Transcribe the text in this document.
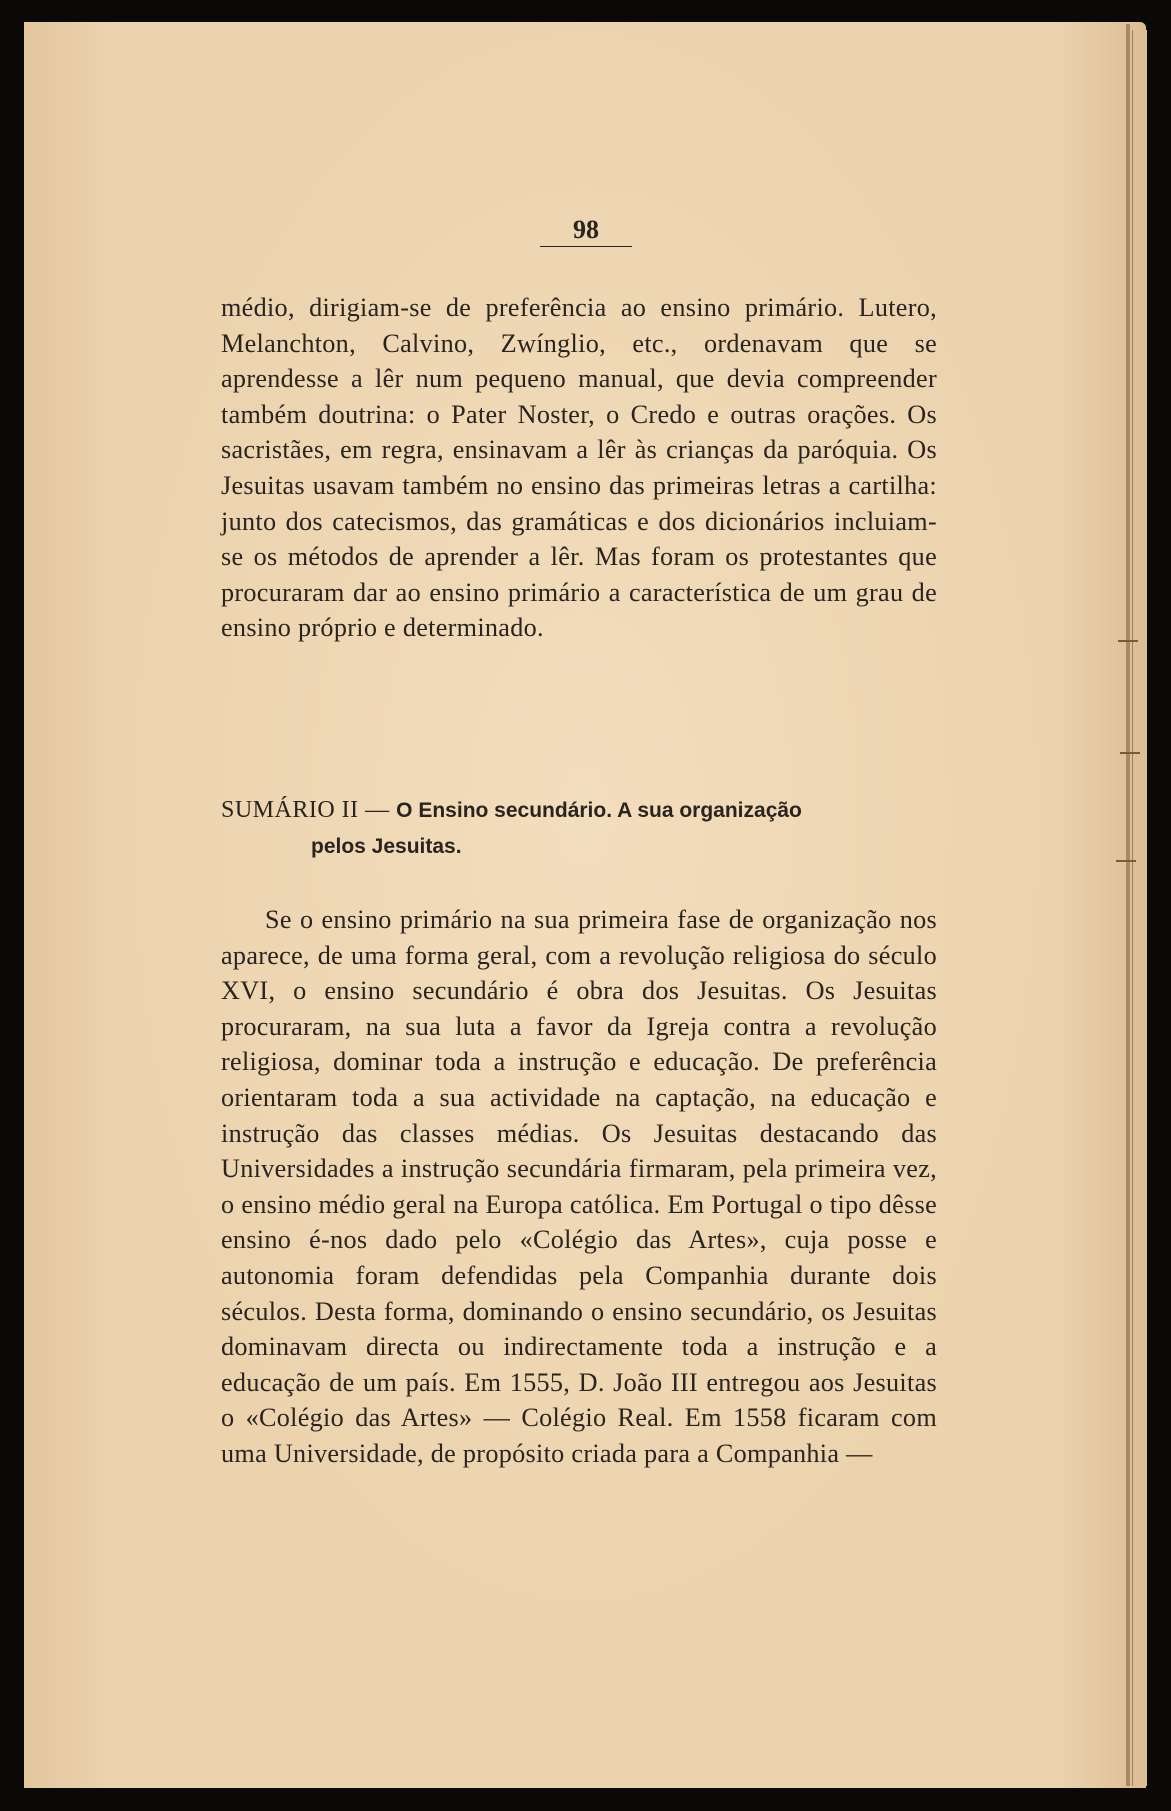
98

médio, dirigiam-se de preferência ao ensino primário. Lutero, Melanchton, Calvino, Zwínglio, etc., ordenavam que se aprendesse a lêr num pequeno manual, que devia compreender também doutrina: o Pater Noster, o Credo e outras orações. Os sacristães, em regra, ensinavam a lêr às crianças da paróquia. Os Jesuitas usavam também no ensino das primeiras letras a cartilha: junto dos catecismos, das gramáticas e dos dicionários incluiam-se os métodos de aprender a lêr. Mas foram os protestantes que procuraram dar ao ensino primário a característica de um grau de ensino próprio e determinado.

SUMÁRIO II — O Ensino secundário. A sua organização
pelos Jesuitas.

Se o ensino primário na sua primeira fase de organização nos aparece, de uma forma geral, com a revolução religiosa do século XVI, o ensino secundário é obra dos Jesuitas. Os Jesuitas procuraram, na sua luta a favor da Igreja contra a revolução religiosa, dominar toda a instrução e educação. De preferência orientaram toda a sua actividade na captação, na educação e instrução das classes médias. Os Jesuitas destacando das Universidades a instrução secundária firmaram, pela primeira vez, o ensino médio geral na Europa católica. Em Portugal o tipo dêsse ensino é-nos dado pelo «Colégio das Artes», cuja posse e autonomia foram defendidas pela Companhia durante dois séculos. Desta forma, dominando o ensino secundário, os Jesuitas dominavam directa ou indirectamente toda a instrução e a educação de um país. Em 1555, D. João III entregou aos Jesuitas o «Colégio das Artes» — Colégio Real. Em 1558 ficaram com uma Universidade, de propósito criada para a Companhia —
